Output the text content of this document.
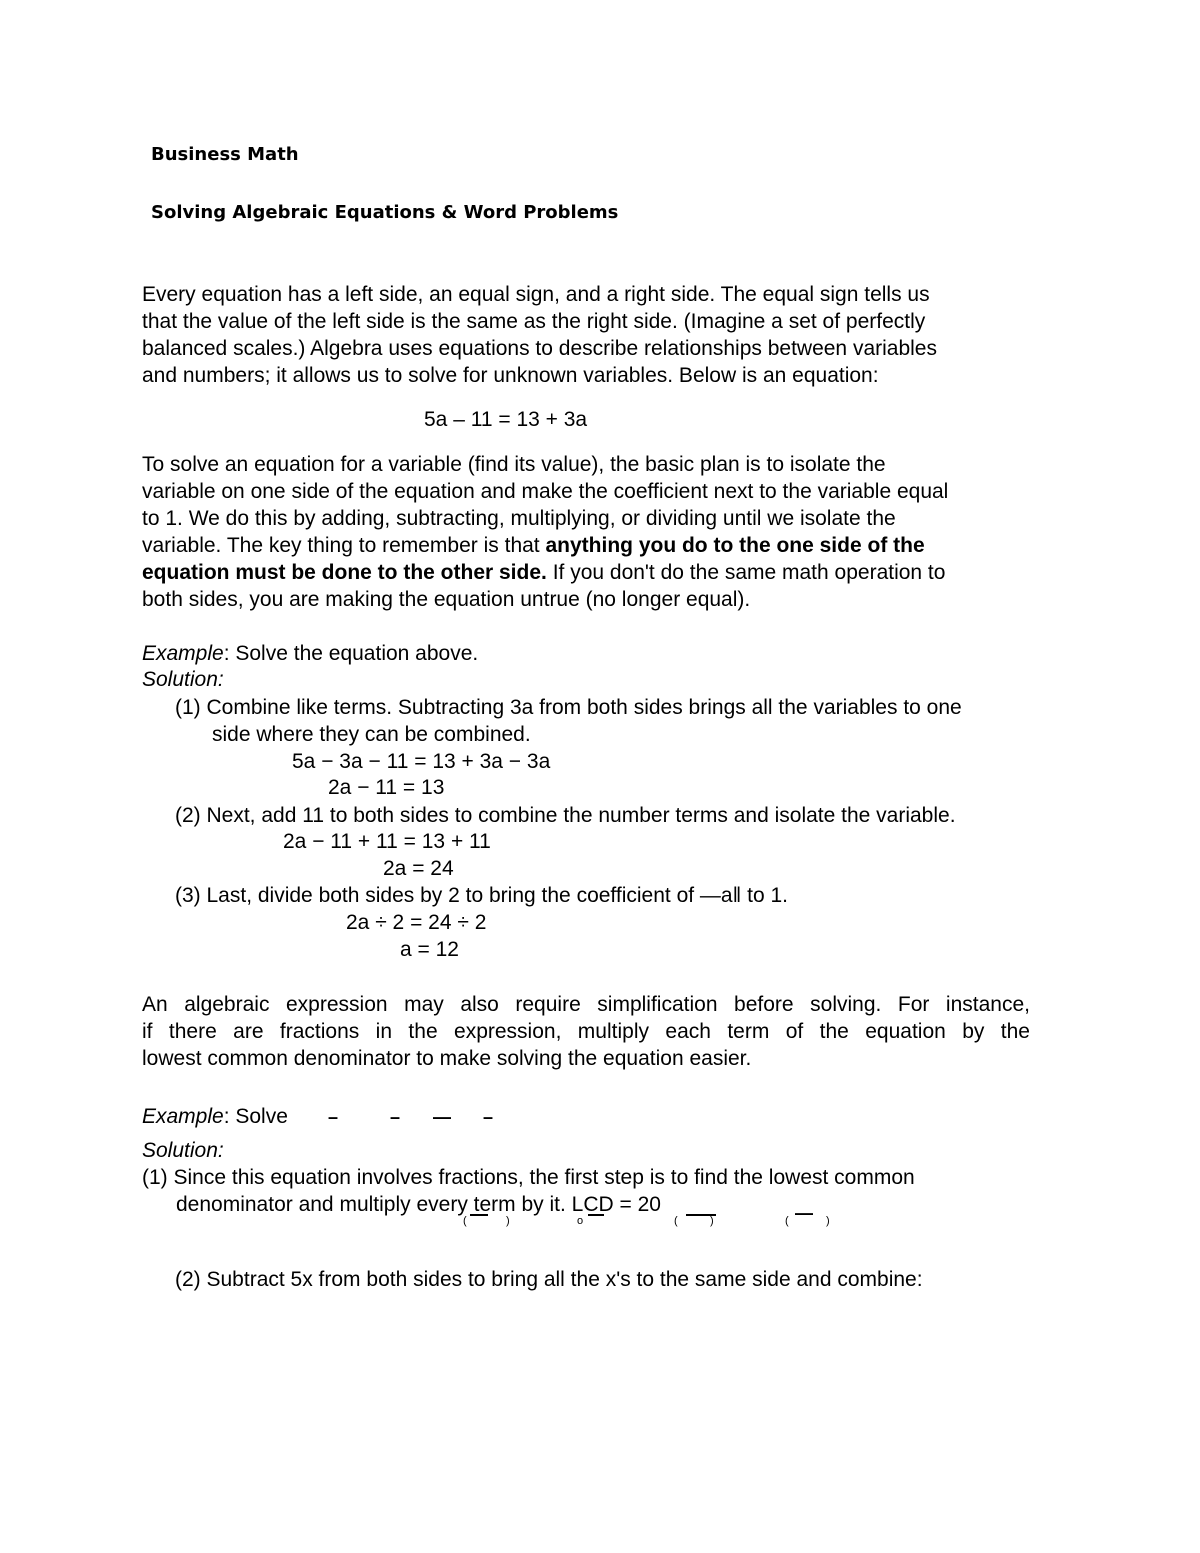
Business Math
Solving Algebraic Equations & Word Problems
Every equation has a left side, an equal sign, and a right side. The equal sign tells us
that the value of the left side is the same as the right side. (Imagine a set of perfectly
balanced scales.) Algebra uses equations to describe relationships between variables
and numbers; it allows us to solve for unknown variables. Below is an equation:
5a – 11 = 13 + 3a
To solve an equation for a variable (find its value), the basic plan is to isolate the
variable on one side of the equation and make the coefficient next to the variable equal
to 1. We do this by adding, subtracting, multiplying, or dividing until we isolate the
variable. The key thing to remember is that anything you do to the one side of the
equation must be done to the other side. If you don't do the same math operation to
both sides, you are making the equation untrue (no longer equal).
Example: Solve the equation above.
Solution:
(1) Combine like terms. Subtracting 3a from both sides brings all the variables to one
side where they can be combined.
5a − 3a − 11 = 13 + 3a − 3a
2a − 11 = 13
(2) Next, add 11 to both sides to combine the number terms and isolate the variable.
2a − 11 + 11 = 13 + 11
2a = 24
(3) Last, divide both sides by 2 to bring the coefficient of ―a‖ to 1.
2a ÷ 2 = 24 ÷ 2
a = 12
An algebraic expression may also require simplification before solving. For instance,
if there are fractions in the expression, multiply each term of the equation by the
lowest common denominator to make solving the equation easier.
Example: Solve –	– — –
Solution:
(1) Since this equation involves fractions, the first step is to find the lowest common
denominator and multiply every term by it. LCD = 20
(	)	o	(	)	( — )
(2) Subtract 5x from both sides to bring all the x's to the same side and combine:
